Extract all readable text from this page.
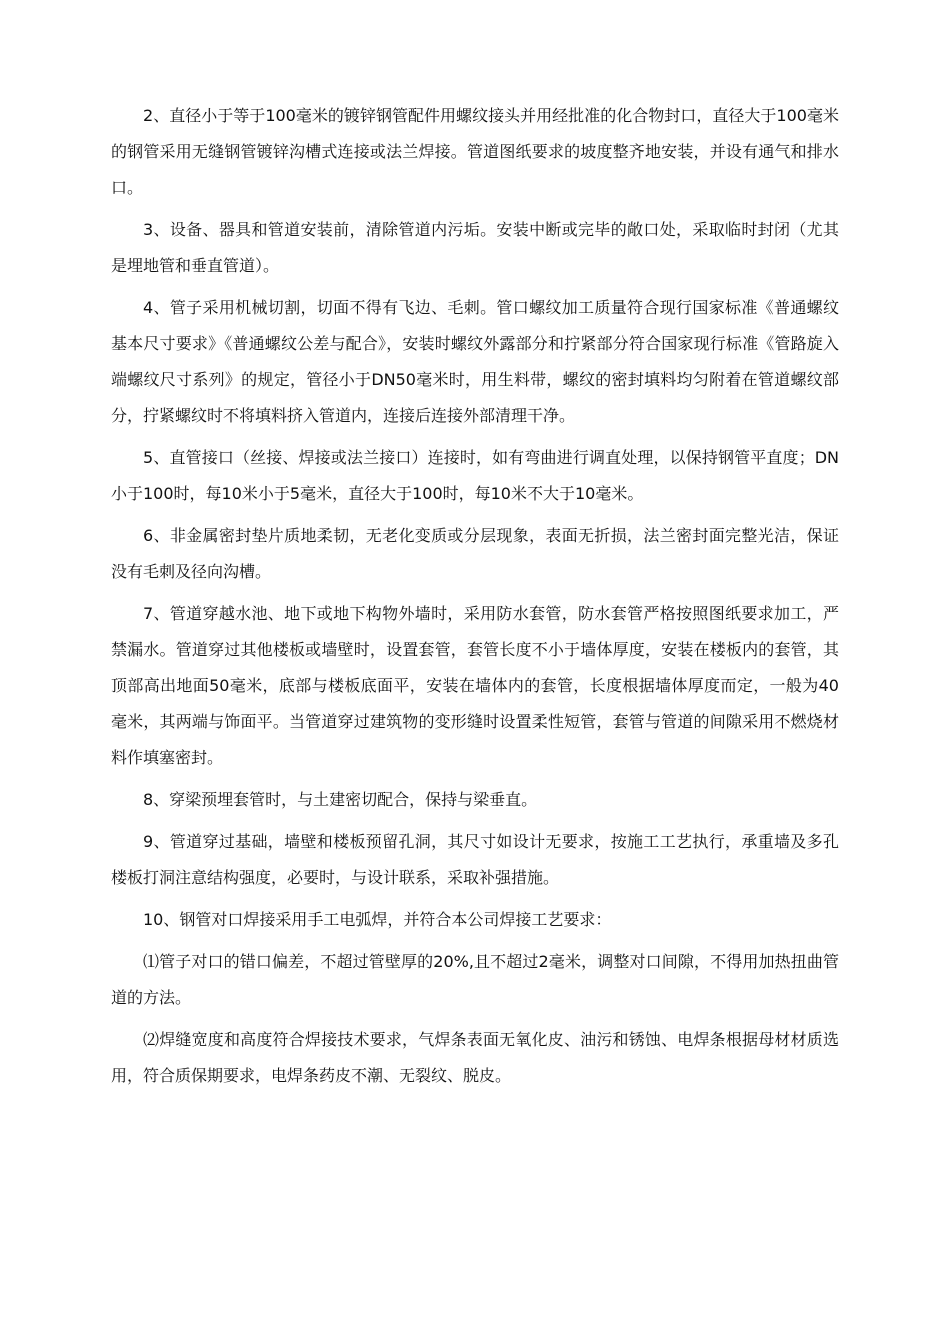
2、直径小于等于100毫米的镀锌钢管配件用螺纹接头并用经批准的化合物封口，直径大于100毫米的钢管采用无缝钢管镀锌沟槽式连接或法兰焊接。管道图纸要求的坡度整齐地安装，并设有通气和排水口。

3、设备、器具和管道安装前，清除管道内污垢。安装中断或完毕的敞口处，采取临时封闭（尤其是埋地管和垂直管道）。

4、管子采用机械切割，切面不得有飞边、毛刺。管口螺纹加工质量符合现行国家标准《普通螺纹基本尺寸要求》《普通螺纹公差与配合》，安装时螺纹外露部分和拧紧部分符合国家现行标准《管路旋入端螺纹尺寸系列》的规定，管径小于DN50毫米时，用生料带，螺纹的密封填料均匀附着在管道螺纹部分，拧紧螺纹时不将填料挤入管道内，连接后连接外部清理干净。

5、直管接口（丝接、焊接或法兰接口）连接时，如有弯曲进行调直处理，以保持钢管平直度；DN小于100时，每10米小于5毫米，直径大于100时，每10米不大于10毫米。

6、非金属密封垫片质地柔韧，无老化变质或分层现象，表面无折损，法兰密封面完整光洁，保证没有毛刺及径向沟槽。

7、管道穿越水池、地下或地下构物外墙时，采用防水套管，防水套管严格按照图纸要求加工，严禁漏水。管道穿过其他楼板或墙壁时，设置套管，套管长度不小于墙体厚度，安装在楼板内的套管，其顶部高出地面50毫米，底部与楼板底面平，安装在墙体内的套管，长度根据墙体厚度而定，一般为40毫米，其两端与饰面平。当管道穿过建筑物的变形缝时设置柔性短管，套管与管道的间隙采用不燃烧材料作填塞密封。

8、穿梁预埋套管时，与土建密切配合，保持与梁垂直。

9、管道穿过基础，墙壁和楼板预留孔洞，其尺寸如设计无要求，按施工工艺执行，承重墙及多孔楼板打洞注意结构强度，必要时，与设计联系，采取补强措施。

10、钢管对口焊接采用手工电弧焊，并符合本公司焊接工艺要求：

⑴管子对口的错口偏差，不超过管壁厚的20%,且不超过2毫米，调整对口间隙，不得用加热扭曲管道的方法。

⑵焊缝宽度和高度符合焊接技术要求，气焊条表面无氧化皮、油污和锈蚀、电焊条根据母材材质选用，符合质保期要求，电焊条药皮不潮、无裂纹、脱皮。
